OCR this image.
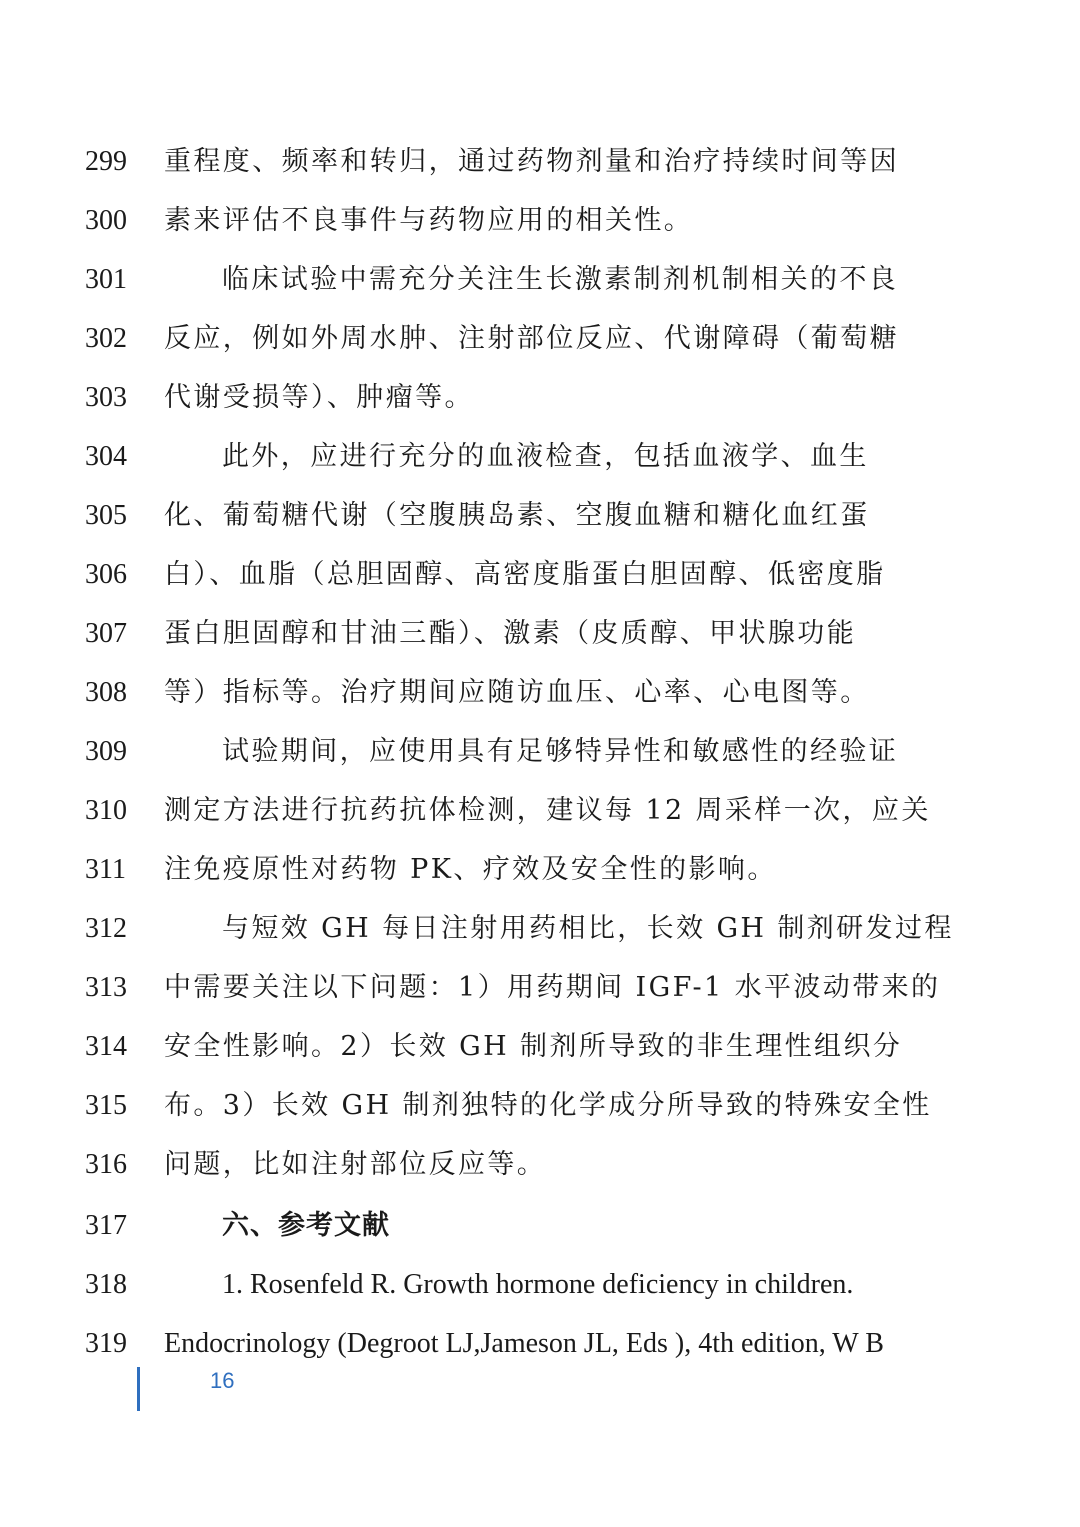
299 重程度、频率和转归，通过药物剂量和治疗持续时间等因
300 素来评估不良事件与药物应用的相关性。
301	临床试验中需充分关注生长激素制剂机制相关的不良
302 反应，例如外周水肿、注射部位反应、代谢障碍（葡萄糖
303 代谢受损等）、肿瘤等。
304	此外，应进行充分的血液检查，包括血液学、血生
305 化、葡萄糖代谢（空腹胰岛素、空腹血糖和糖化血红蛋
306 白）、血脂（总胆固醇、高密度脂蛋白胆固醇、低密度脂
307 蛋白胆固醇和甘油三酯）、激素（皮质醇、甲状腺功能
308 等）指标等。治疗期间应随访血压、心率、心电图等。
309	试验期间，应使用具有足够特异性和敏感性的经验证
310 测定方法进行抗药抗体检测，建议每 12 周采样一次，应关
311 注免疫原性对药物 PK、疗效及安全性的影响。
312	与短效 GH 每日注射用药相比，长效 GH 制剂研发过程
313 中需要关注以下问题：1）用药期间 IGF-1 水平波动带来的
314 安全性影响。2）长效 GH 制剂所导致的非生理性组织分
315 布。3）长效 GH 制剂独特的化学成分所导致的特殊安全性
316 问题，比如注射部位反应等。
317	六、参考文献
318	1. Rosenfeld R. Growth hormone deficiency in children.
319 Endocrinology (Degroot LJ,Jameson JL, Eds ), 4th edition, W B
16
